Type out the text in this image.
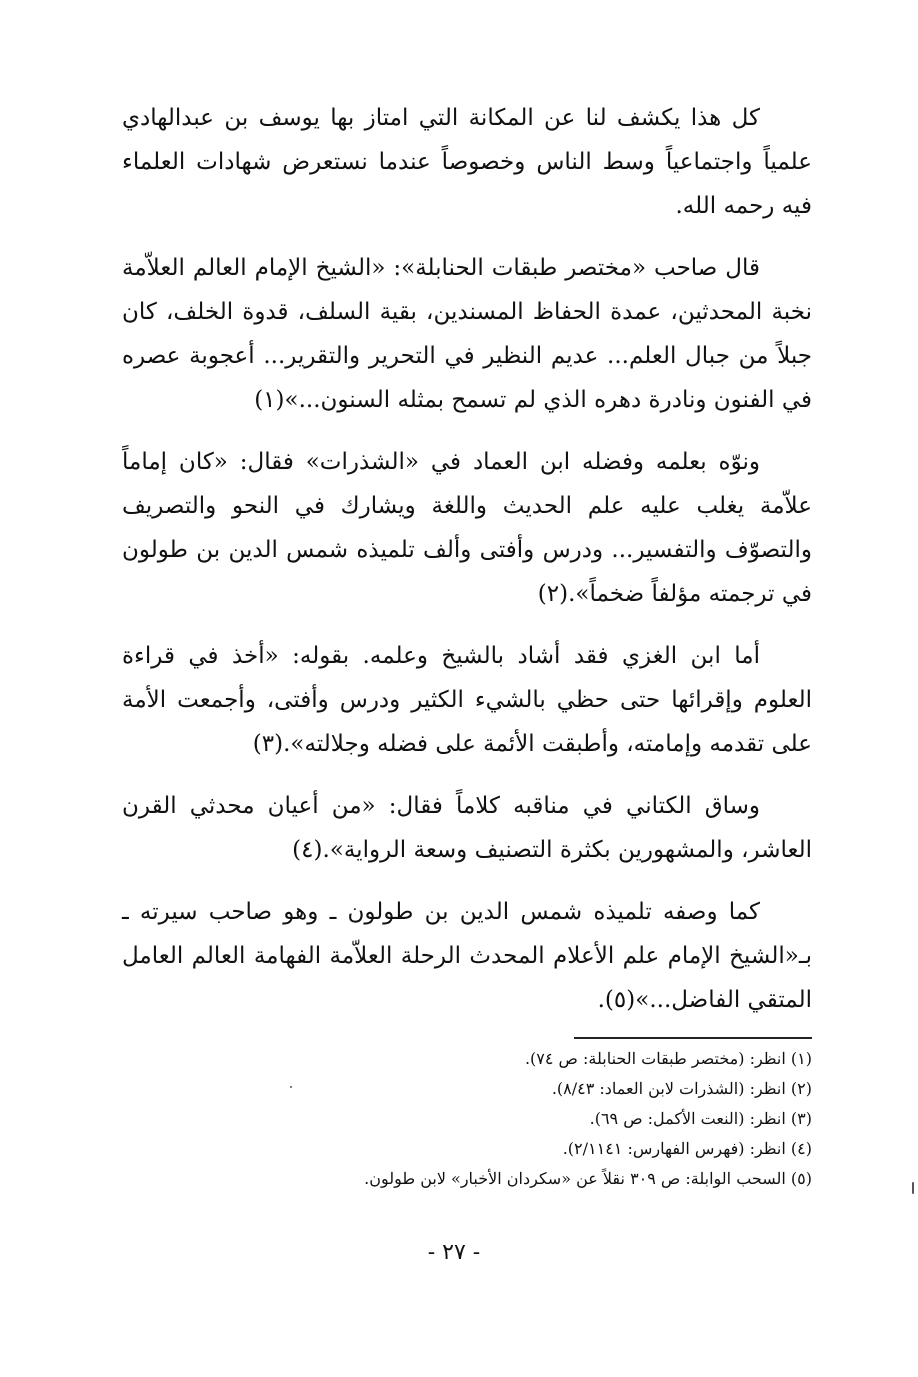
كل هذا يكشف لنا عن المكانة التي امتاز بها يوسف بن عبدالهادي علمياً واجتماعياً وسط الناس وخصوصاً عندما نستعرض شهادات العلماء فيه رحمه الله.

قال صاحب «مختصر طبقات الحنابلة»: «الشيخ الإمام العالم العلاّمة نخبة المحدثين، عمدة الحفاظ المسندين، بقية السلف، قدوة الخلف، كان جبلاً من جبال العلم... عديم النظير في التحرير والتقرير... أعجوبة عصره في الفنون ونادرة دهره الذي لم تسمح بمثله السنون...»(١)

ونوّه بعلمه وفضله ابن العماد في «الشذرات» فقال: «كان إماماً علاّمة يغلب عليه علم الحديث واللغة ويشارك في النحو والتصريف والتصوّف والتفسير... ودرس وأفتى وألف تلميذه شمس الدين بن طولون في ترجمته مؤلفاً ضخماً».(٢)

أما ابن الغزي فقد أشاد بالشيخ وعلمه. بقوله: «أخذ في قراءة العلوم وإقرائها حتى حظي بالشيء الكثير ودرس وأفتى، وأجمعت الأمة على تقدمه وإمامته، وأطبقت الأئمة على فضله وجلالته».(٣)

وساق الكتاني في مناقبه كلاماً فقال: «من أعيان محدثي القرن العاشر، والمشهورين بكثرة التصنيف وسعة الرواية».(٤)

كما وصفه تلميذه شمس الدين بن طولون ـ وهو صاحب سيرته ـ بـ«الشيخ الإمام علم الأعلام المحدث الرحلة العلاّمة الفهامة العالم العامل المتقي الفاضل...»(٥).

(١) انظر: (مختصر طبقات الحنابلة: ص ٧٤).

(٢) انظر: (الشذرات لابن العماد: ٨/٤٣).

(٣) انظر: (النعت الأكمل: ص ٦٩).

(٤) انظر: (فهرس الفهارس: ٢/١١٤١).

(٥) السحب الوابلة: ص ٣٠٩ نقلاً عن «سكردان الأخبار» لابن طولون.

- ٢٧ -
